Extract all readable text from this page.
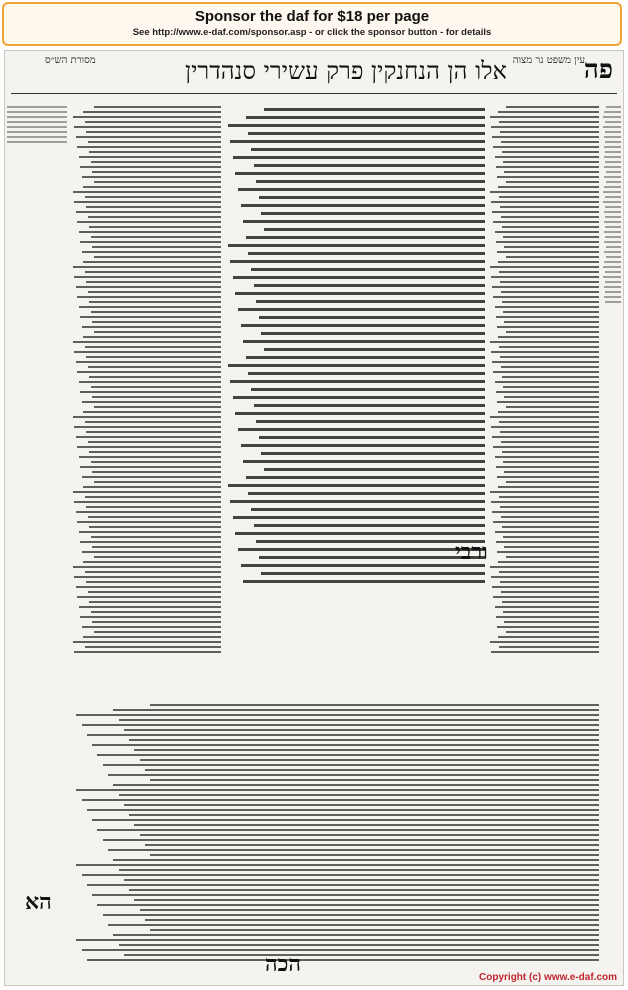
Sponsor the daf for $18 per page
See http://www.e-daf.com/sponsor.asp - or click the sponsor button - for details
מסורת הש״ס	אלו הן הנחנקין פרק עשירי סנהדרין	פה
עין משפט נר מצוה
ורבי
הא
הכה
Copyright (c) www.e-daf.com
